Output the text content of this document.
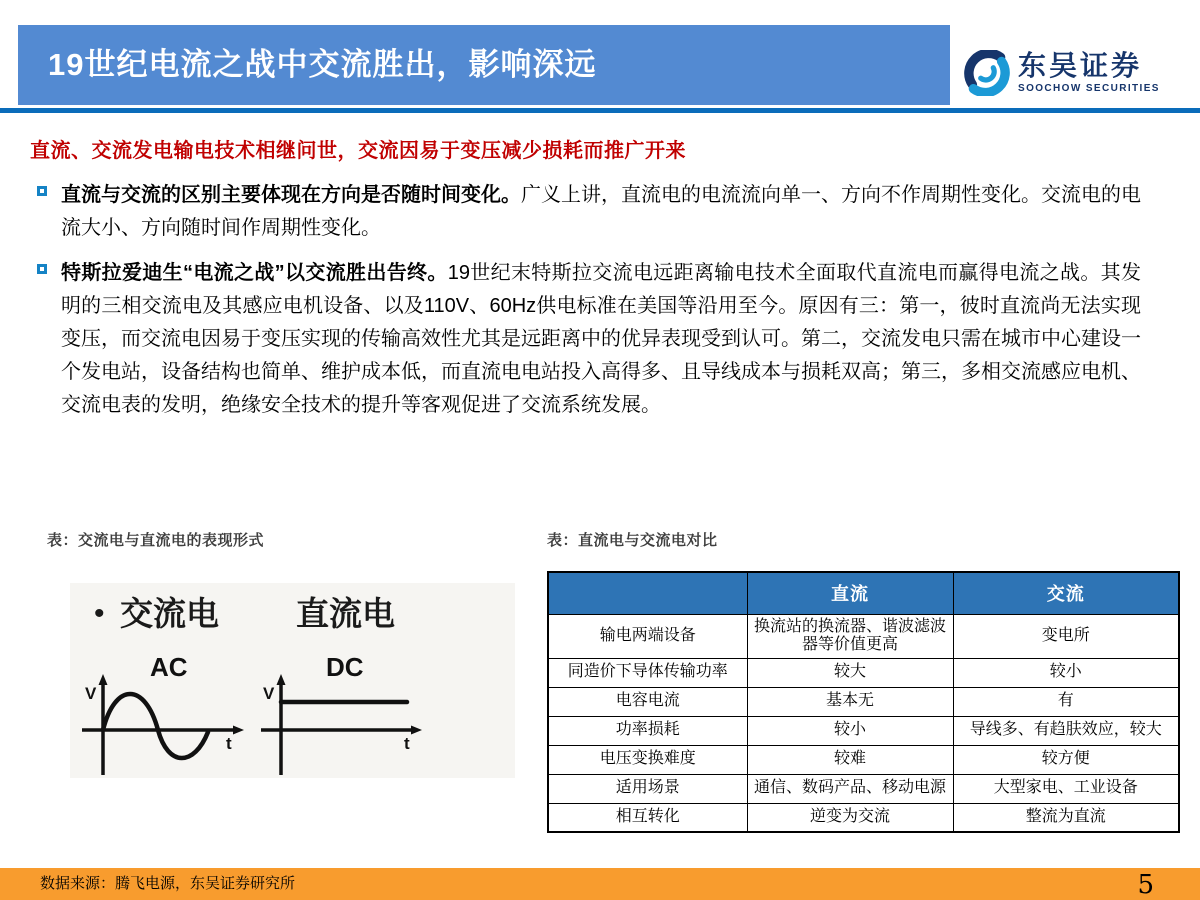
19世纪电流之战中交流胜出，影响深远	东吴证券
SOOCHOW SECURITIES
直流、交流发电输电技术相继问世，交流因易于变压减少损耗而推广开来

直流与交流的区别主要体现在方向是否随时间变化。广义上讲，直流电的电流流向单一、方向不作周期性变化。交流电的电流大小、方向随时间作周期性变化。

特斯拉爱迪生“电流之战”以交流胜出告终。19世纪末特斯拉交流电远距离输电技术全面取代直流电而赢得电流之战。其发明的三相交流电及其感应电机设备、以及110V、60Hz供电标准在美国等沿用至今。原因有三：第一，彼时直流尚无法实现变压，而交流电因易于变压实现的传输高效性尤其是远距离中的优异表现受到认可。第二，交流发电只需在城市中心建设一个发电站，设备结构也简单、维护成本低，而直流电电站投入高得多、且导线成本与损耗双高；第三，多相交流感应电机、交流电表的发明，绝缘安全技术的提升等客观促进了交流系统发展。

表：交流电与直流电的表现形式
• 交流电 直流电
AC	DC
V
t
V
t
表：直流电与交流电对比
	直流	交流
输电两端设备	换流站的换流器、谐波滤波器等价值更高	变电所
同造价下导体传输功率	较大	较小
电容电流	基本无	有
功率损耗	较小	导线多、有趋肤效应，较大
电压变换难度	较难	较方便
适用场景	通信、数码产品、移动电源	大型家电、工业设备
相互转化	逆变为交流	整流为直流
数据来源：腾飞电源，东吴证券研究所	5
